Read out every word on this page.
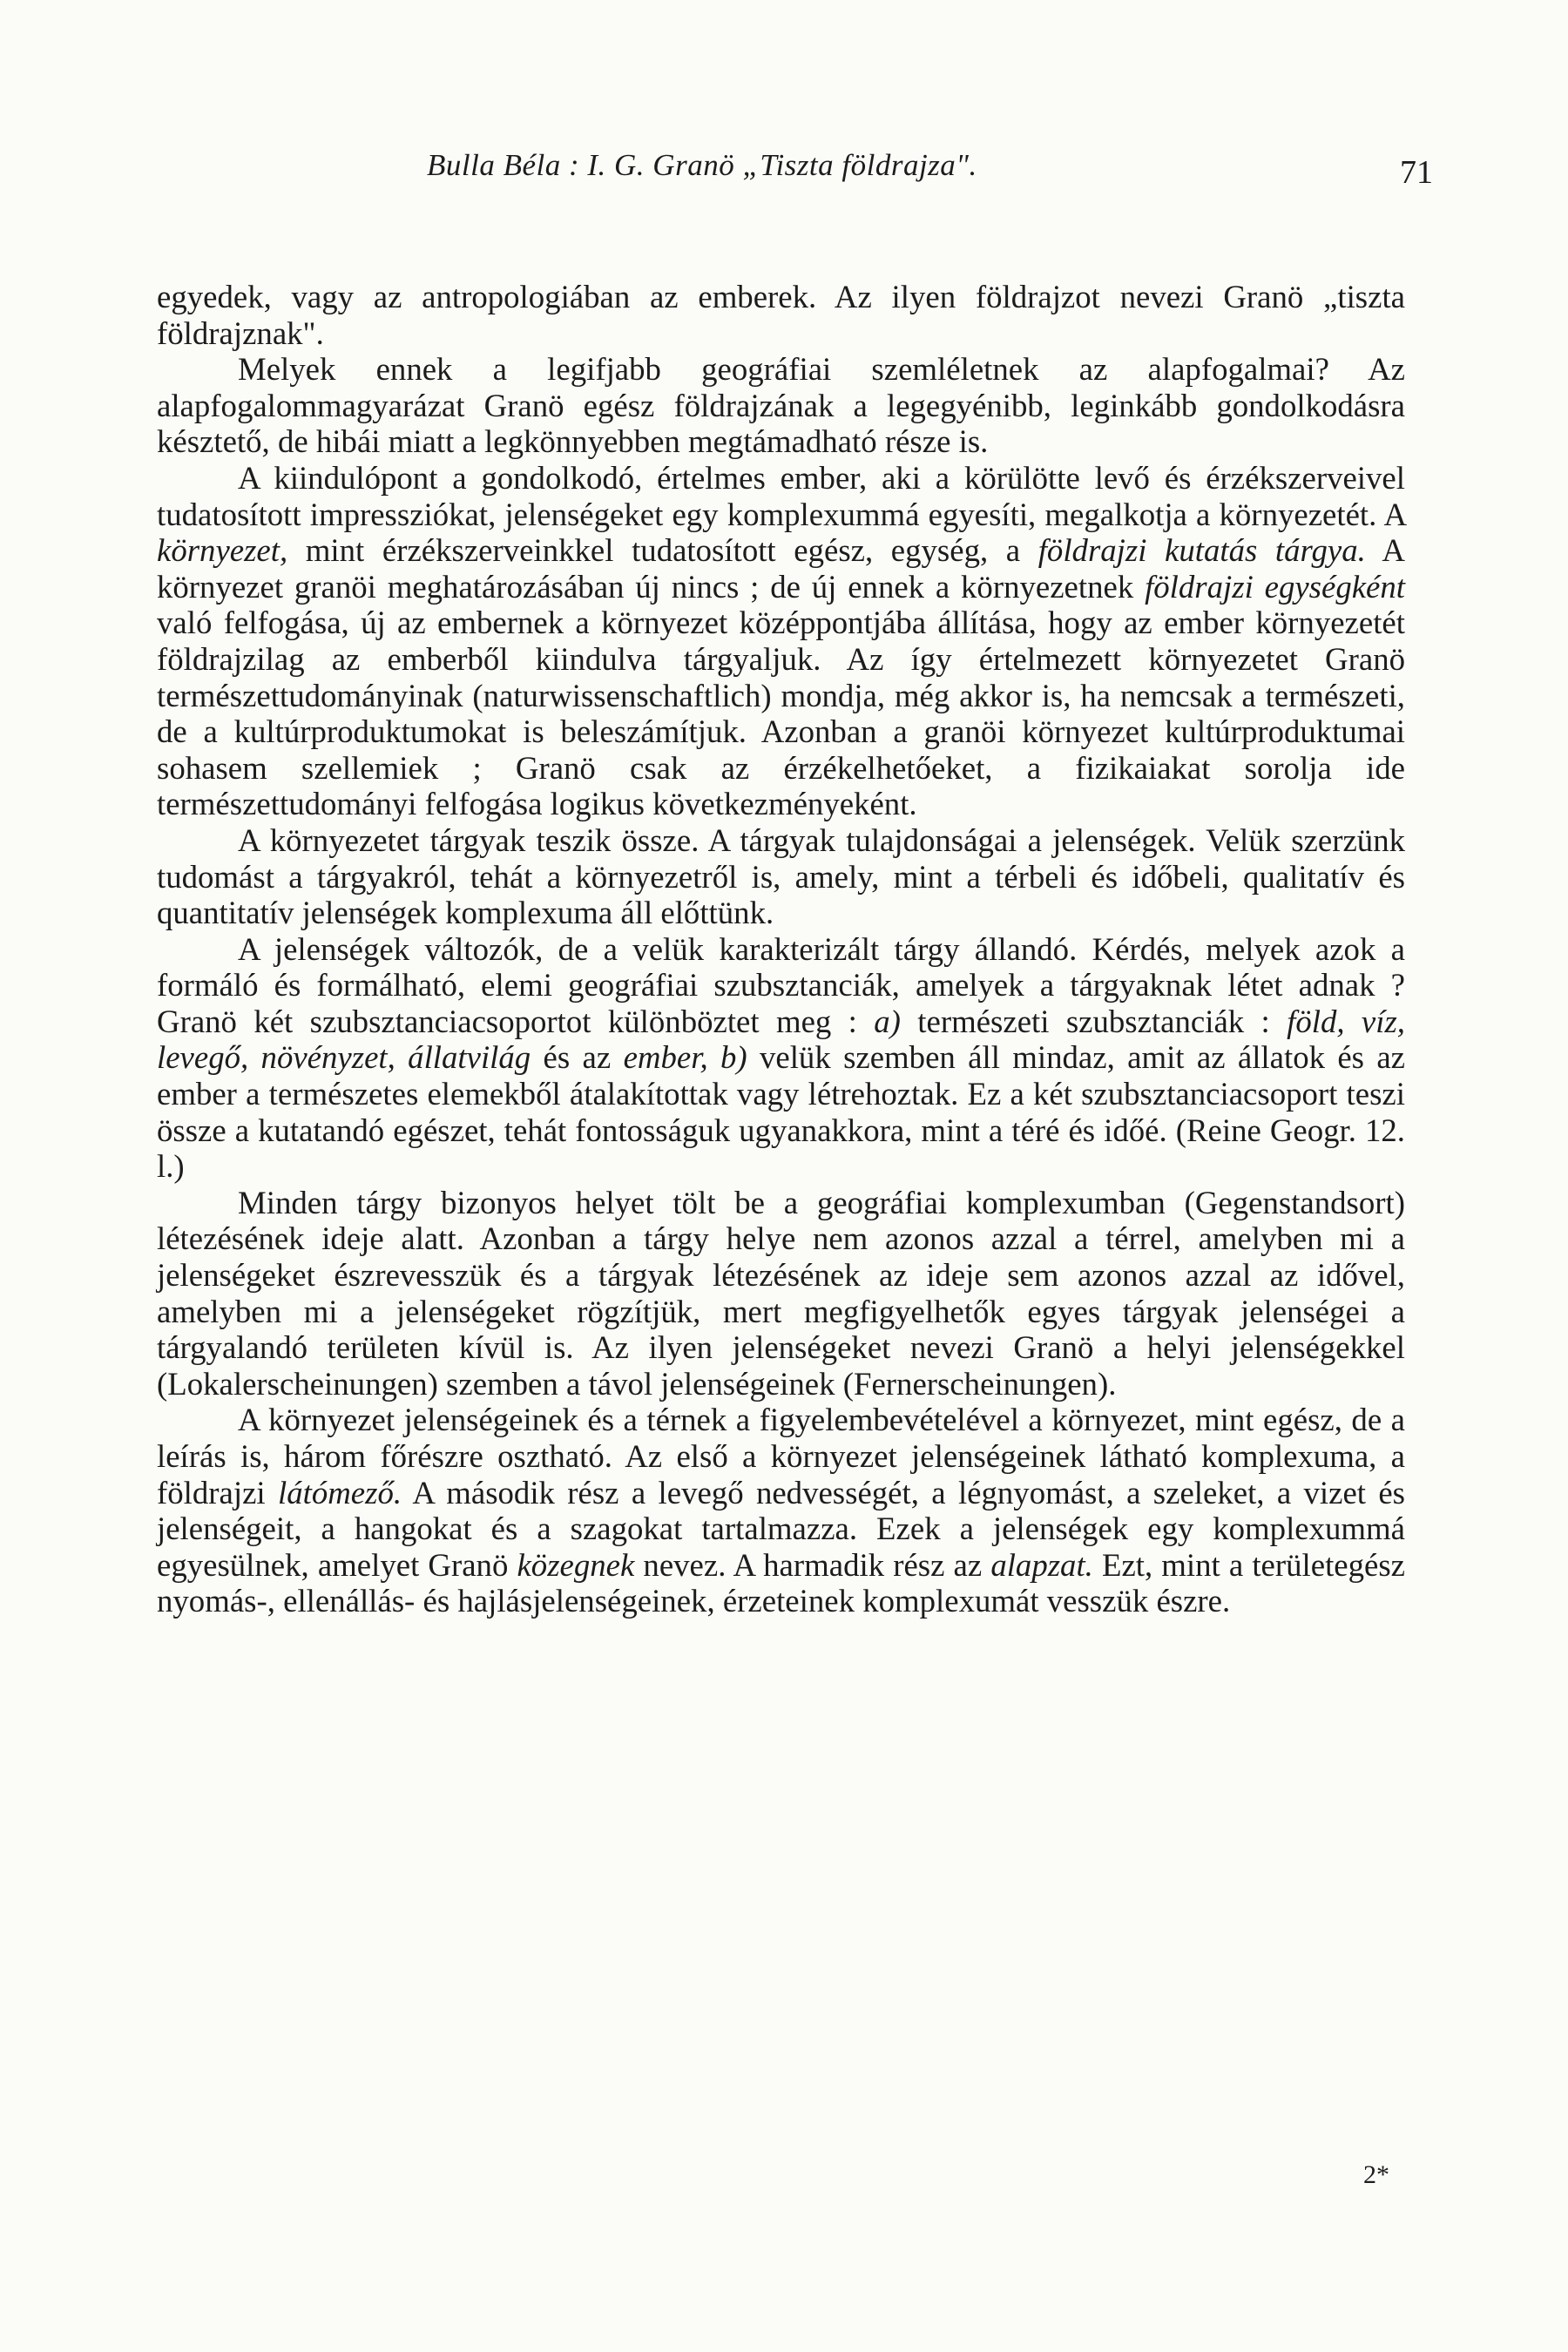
Bulla Béla : I. G. Granö „Tiszta földrajza".	71

egyedek, vagy az antropologiában az emberek. Az ilyen földrajzot nevezi Granö „tiszta földrajznak".

Melyek ennek a legifjabb geográfiai szemléletnek az alapfogalmai? Az alapfogalommagyarázat Granö egész földrajzának a legegyénibb, leginkább gondolkodásra késztető, de hibái miatt a legkönnyebben megtámadható része is.

A kiindulópont a gondolkodó, értelmes ember, aki a körülötte levő és érzékszerveivel tudatosított impressziókat, jelenségeket egy komplexummá egyesíti, megalkotja a környezetét. A környezet, mint érzékszerveinkkel tudatosított egész, egység, a földrajzi kutatás tárgya. A környezet granöi meghatározásában új nincs ; de új ennek a környezetnek földrajzi egységként való felfogása, új az embernek a környezet középpontjába állítása, hogy az ember környezetét földrajzilag az emberből kiindulva tárgyaljuk. Az így értelmezett környezetet Granö természettudományinak (naturwissenschaftlich) mondja, még akkor is, ha nemcsak a természeti, de a kultúrproduktumokat is beleszámítjuk. Azonban a granöi környezet kultúrproduktumai sohasem szellemiek ; Granö csak az érzékelhetőeket, a fizikaiakat sorolja ide természettudományi felfogása logikus következményeként.

A környezetet tárgyak teszik össze. A tárgyak tulajdonságai a jelenségek. Velük szerzünk tudomást a tárgyakról, tehát a környezetről is, amely, mint a térbeli és időbeli, qualitatív és quantitatív jelenségek komplexuma áll előttünk.

A jelenségek változók, de a velük karakterizált tárgy állandó. Kérdés, melyek azok a formáló és formálható, elemi geográfiai szubsztanciák, amelyek a tárgyaknak létet adnak ? Granö két szubsztanciacsoportot különböztet meg : a) természeti szubsztanciák : föld, víz, levegő, növényzet, állatvilág és az ember, b) velük szemben áll mindaz, amit az állatok és az ember a természetes elemekből átalakítottak vagy létrehoztak. Ez a két szubsztanciacsoport teszi össze a kutatandó egészet, tehát fontosságuk ugyanakkora, mint a téré és időé. (Reine Geogr. 12. l.)

Minden tárgy bizonyos helyet tölt be a geográfiai komplexumban (Gegenstandsort) létezésének ideje alatt. Azonban a tárgy helye nem azonos azzal a térrel, amelyben mi a jelenségeket észrevesszük és a tárgyak létezésének az ideje sem azonos azzal az idővel, amelyben mi a jelenségeket rögzítjük, mert megfigyelhetők egyes tárgyak jelenségei a tárgyalandó területen kívül is. Az ilyen jelenségeket nevezi Granö a helyi jelenségekkel (Lokalerscheinungen) szemben a távol jelenségeinek (Fernerscheinungen).

A környezet jelenségeinek és a térnek a figyelembevételével a környezet, mint egész, de a leírás is, három főrészre osztható. Az első a környezet jelenségeinek látható komplexuma, a földrajzi látómező. A második rész a levegő nedvességét, a légnyomást, a szeleket, a vizet és jelenségeit, a hangokat és a szagokat tartalmazza. Ezek a jelenségek egy komplexummá egyesülnek, amelyet Granö közegnek nevez. A harmadik rész az alapzat. Ezt, mint a területegész nyomás-, ellenállás- és hajlásjelenségeinek, érzeteinek komplexumát vesszük észre.

2*
